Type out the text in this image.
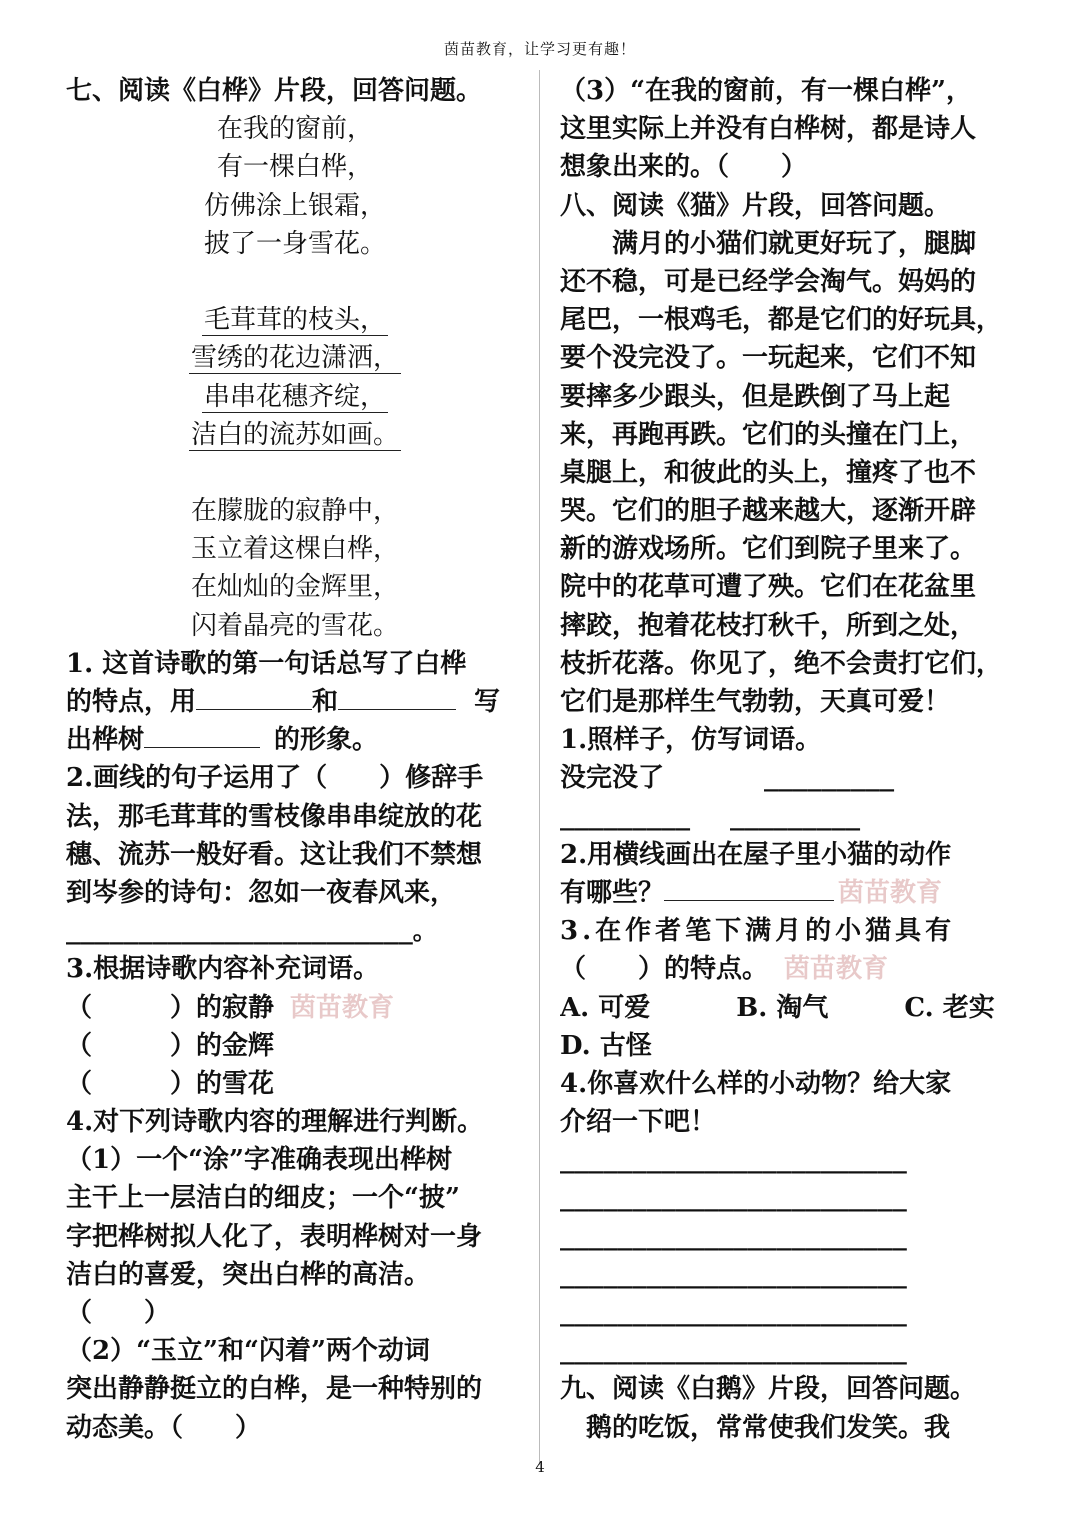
茵苗教育，让学习更有趣！
七、阅读《白桦》片段，回答问题。
在我的窗前，
有一棵白桦，
仿佛涂上银霜，
披了一身雪花。
毛茸茸的枝头，
雪绣的花边潇洒，
串串花穗齐绽，
洁白的流苏如画。
在朦胧的寂静中，
玉立着这棵白桦，
在灿灿的金辉里，
闪着晶亮的雪花。
1. 这首诗歌的第一句话总写了白桦
的特点，用	和	写
出桦树	的形象。
2.画线的句子运用了（　　）修辞手
法，那毛茸茸的雪枝像串串绽放的花
穗、流苏一般好看。这让我们不禁想
到岑参的诗句：忽如一夜春风来，
________________________。
3.根据诗歌内容补充词语。
（　　　）的寂静 茵苗教育
（　　　）的金辉
（　　　）的雪花
4.对下列诗歌内容的理解进行判断。
（1）一个“涂”字准确表现出桦树
主干上一层洁白的细皮；一个“披”
字把桦树拟人化了，表明桦树对一身
洁白的喜爱，突出白桦的高洁。
（　　）
（2）“玉立”和“闪着”两个动词
突出静静挺立的白桦，是一种特别的
动态美。（　　）
（3）“在我的窗前，有一棵白桦”，
这里实际上并没有白桦树，都是诗人
想象出来的。（　　）
八、阅读《猫》片段，回答问题。
　　满月的小猫们就更好玩了，腿脚
还不稳，可是已经学会淘气。妈妈的
尾巴，一根鸡毛，都是它们的好玩具，
要个没完没了。一玩起来，它们不知
要摔多少跟头，但是跌倒了马上起
来，再跑再跌。它们的头撞在门上，
桌腿上，和彼此的头上，撞疼了也不
哭。它们的胆子越来越大，逐渐开辟
新的游戏场所。它们到院子里来了。
院中的花草可遭了殃。它们在花盆里
摔跤，抱着花枝打秋千，所到之处，
枝折花落。你见了，绝不会责打它们，
它们是那样生气勃勃，天真可爱！
1.照样子，仿写词语。
没完没了	_________
_________ _________
2.用横线画出在屋子里小猫的动作
有哪些？	茵苗教育
3.在作者笔下满月的小猫具有
（　　）的特点。 茵苗教育
A. 可爱	B. 淘气	C. 老实
D. 古怪
4.你喜欢什么样的小动物？给大家
介绍一下吧！
________________________
________________________
________________________
________________________
________________________
________________________
九、阅读《白鹅》片段，回答问题。
　鹅的吃饭，常常使我们发笑。我
4
